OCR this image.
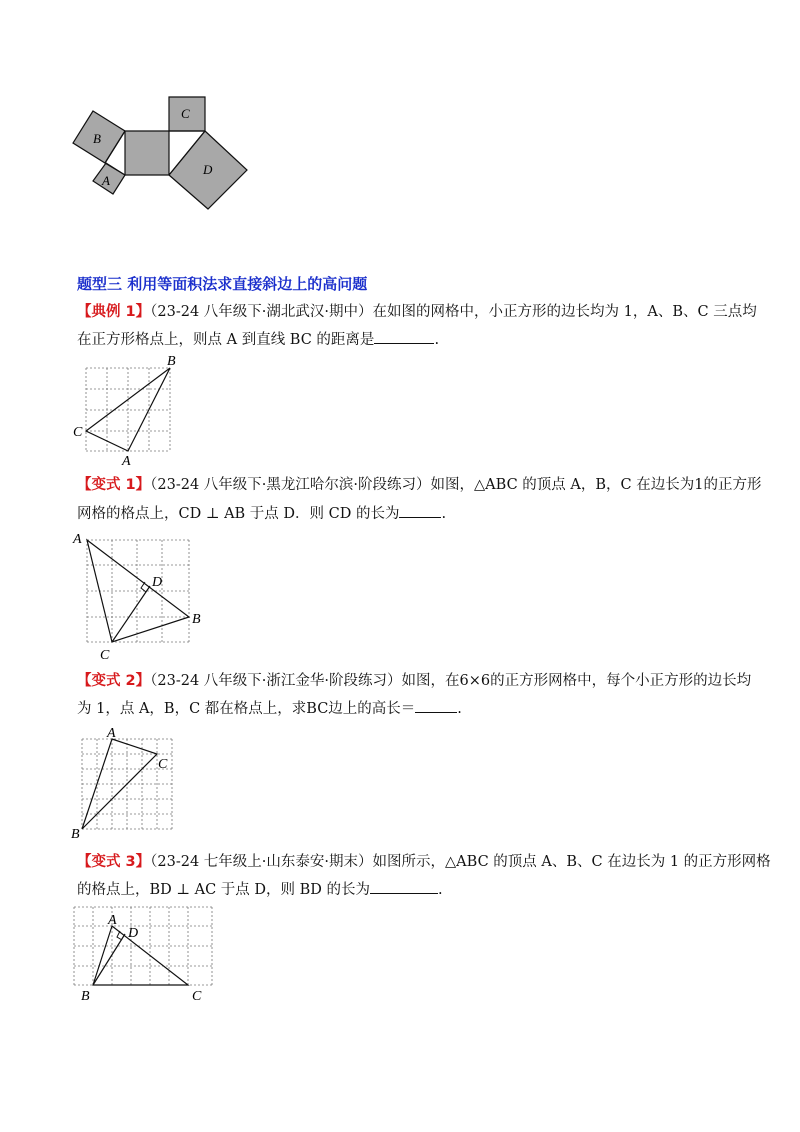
B
A
C
D
题型三 利用等面积法求直接斜边上的高问题
【典例 1】（23-24 八年级下·湖北武汉·期中）在如图的网格中，小正方形的边长均为 1，A、B、C 三点均
在正方形格点上，则点 A 到直线 BC 的距离是	.
B
C
A
【变式 1】（23-24 八年级下·黑龙江哈尔滨·阶段练习）如图，△ABC 的顶点 A，B，C 在边长为1的正方形
网格的格点上，CD ⊥ AB 于点 D．则 CD 的长为	.
A
D
B
C
【变式 2】（23-24 八年级下·浙江金华·阶段练习）如图，在6×6的正方形网格中，每个小正方形的边长均
为 1，点 A，B，C 都在格点上，求BC边上的高长＝	.
A
C
B
【变式 3】（23-24 七年级上·山东泰安·期末）如图所示，△ABC 的顶点 A、B、C 在边长为 1 的正方形网格
的格点上，BD ⊥ AC 于点 D，则 BD 的长为	.
A
D
B	C
